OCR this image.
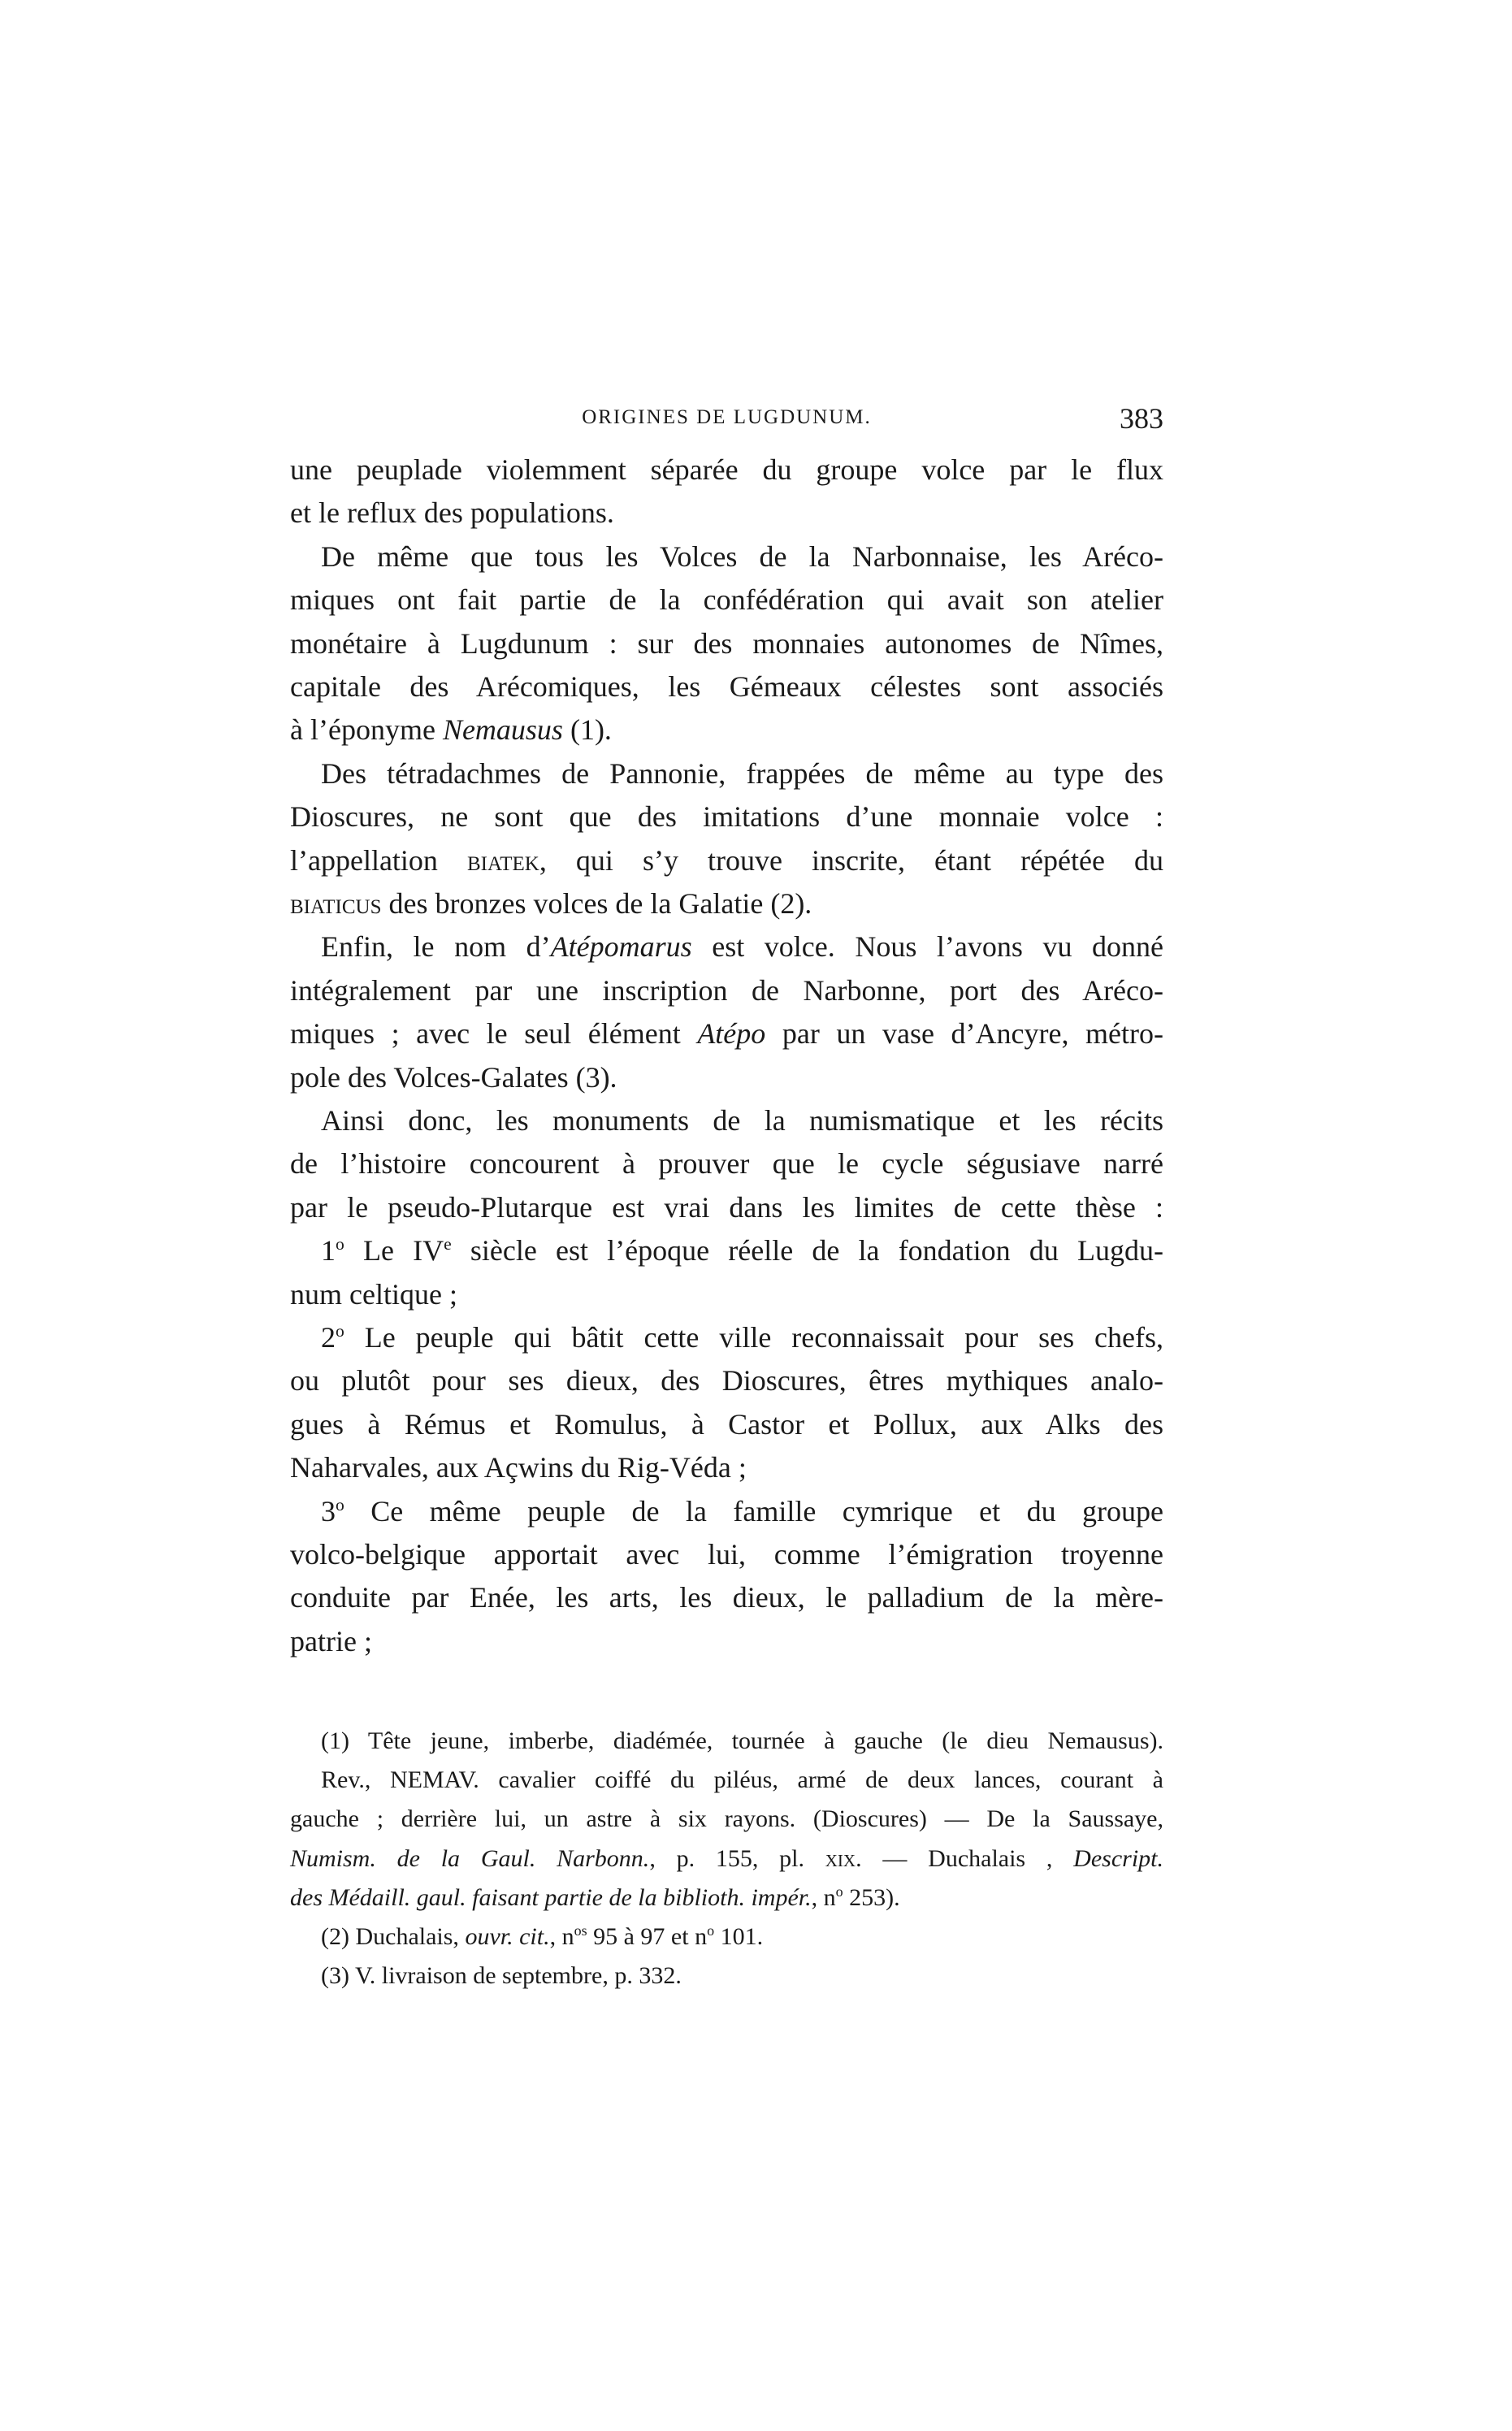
ORIGINES DE LUGDUNUM.	383
une peuplade violemment séparée du groupe volce par le flux
et le reflux des populations.
De même que tous les Volces de la Narbonnaise, les Aréco-
miques ont fait partie de la confédération qui avait son atelier
monétaire à Lugdunum : sur des monnaies autonomes de Nîmes,
capitale des Arécomiques, les Gémeaux célestes sont associés
à l’éponyme Nemausus (1).
Des tétradachmes de Pannonie, frappées de même au type des
Dioscures, ne sont que des imitations d’une monnaie volce :
l’appellation biatek, qui s’y trouve inscrite, étant répétée du
biaticus des bronzes volces de la Galatie (2).
Enfin, le nom d’Atépomarus est volce. Nous l’avons vu donné
intégralement par une inscription de Narbonne, port des Aréco-
miques ; avec le seul élément Atépo par un vase d’Ancyre, métro-
pole des Volces-Galates (3).
Ainsi donc, les monuments de la numismatique et les récits
de l’histoire concourent à prouver que le cycle ségusiave narré
par le pseudo-Plutarque est vrai dans les limites de cette thèse :
1$^o$ Le IVe siècle est l’époque réelle de la fondation du Lugdu-
num celtique ;
2$^o$ Le peuple qui bâtit cette ville reconnaissait pour ses chefs,
ou plutôt pour ses dieux, des Dioscures, êtres mythiques analo-
gues à Rémus et Romulus, à Castor et Pollux, aux Alks des
Naharvales, aux Açwins du Rig-Véda ;
3$^o$ Ce même peuple de la famille cymrique et du groupe
volco-belgique apportait avec lui, comme l’émigration troyenne
conduite par Enée, les arts, les dieux, le palladium de la mère-
patrie ;
(1) Tête jeune, imberbe, diadémée, tournée à gauche (le dieu Nemausus).
Rev., NEMAV. cavalier coiffé du piléus, armé de deux lances, courant à
gauche ; derrière lui, un astre à six rayons. (Dioscures) — De la Saussaye,
Numism. de la Gaul. Narbonn., p. 155, pl. xix. — Duchalais , Descript.
des Médaill. gaul. faisant partie de la biblioth. impér., $n^o$ 253).
(2) Duchalais, ouvr. cit., $n^{os}$ 95 à 97 et $n^o$ 101.
(3) V. livraison de septembre, p. 332.
